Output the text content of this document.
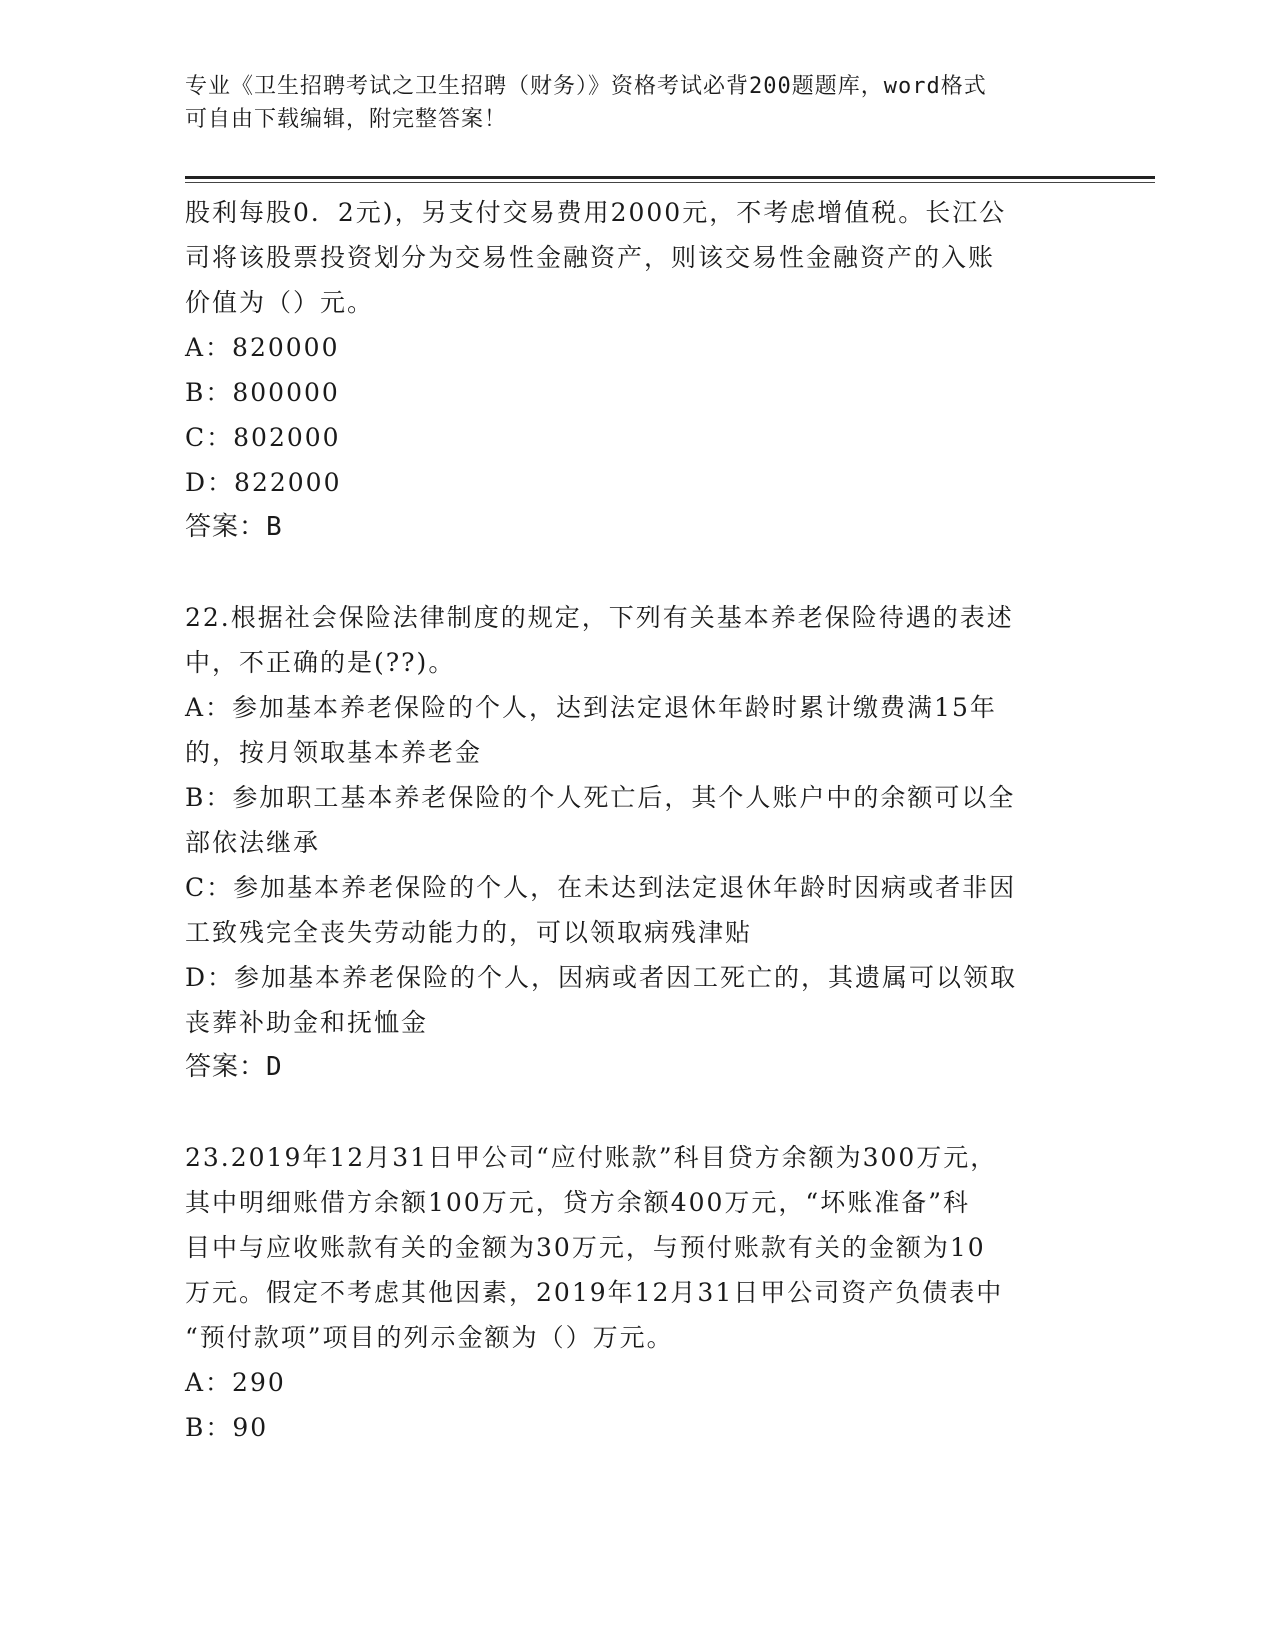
专业《卫生招聘考试之卫生招聘（财务）》资格考试必背200题题库，word格式
可自由下载编辑，附完整答案！
股利每股0．2元)，另支付交易费用2000元，不考虑增值税。长江公
司将该股票投资划分为交易性金融资产，则该交易性金融资产的入账
价值为（）元。
A：820000
B：800000
C：802000
D：822000
答案：B
22.根据社会保险法律制度的规定，下列有关基本养老保险待遇的表述
中，不正确的是(??)。
A：参加基本养老保险的个人，达到法定退休年龄时累计缴费满15年
的，按月领取基本养老金
B：参加职工基本养老保险的个人死亡后，其个人账户中的余额可以全
部依法继承
C：参加基本养老保险的个人，在未达到法定退休年龄时因病或者非因
工致残完全丧失劳动能力的，可以领取病残津贴
D：参加基本养老保险的个人，因病或者因工死亡的，其遗属可以领取
丧葬补助金和抚恤金
答案：D
23.2019年12月31日甲公司“应付账款”科目贷方余额为300万元，
其中明细账借方余额100万元，贷方余额400万元，“坏账准备”科
目中与应收账款有关的金额为30万元，与预付账款有关的金额为10
万元。假定不考虑其他因素，2019年12月31日甲公司资产负债表中
“预付款项”项目的列示金额为（）万元。
A：290
B：90
